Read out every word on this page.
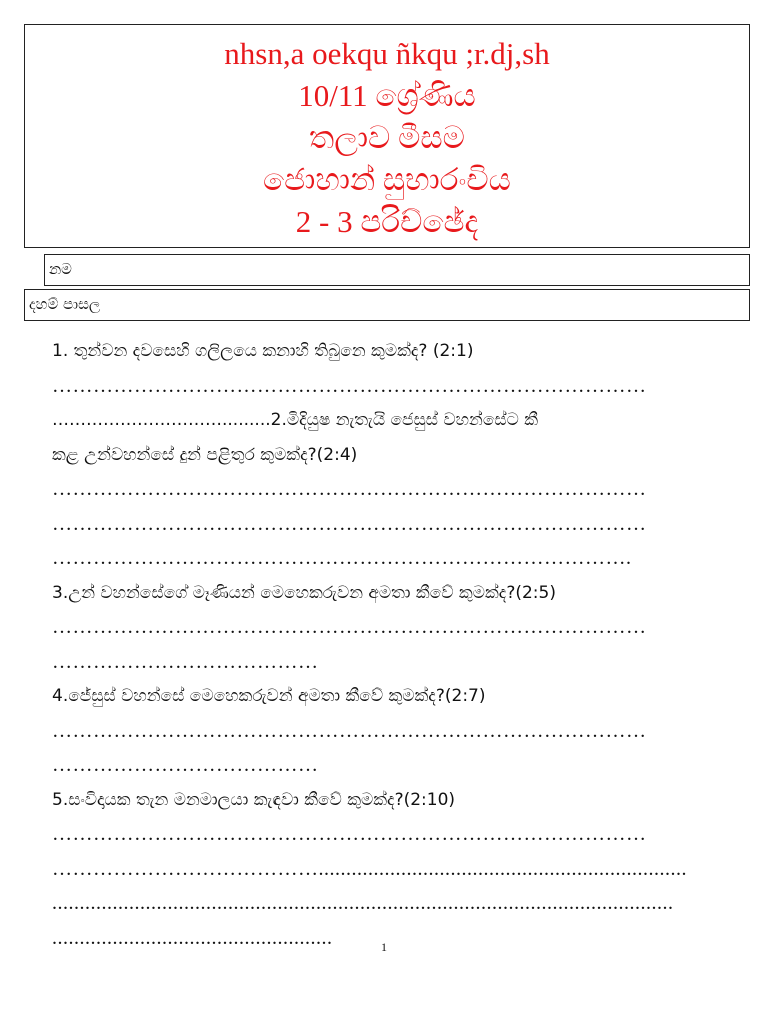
nhsn,a oekqu ñkqu ;r.dj,sh
10/11 ශ්‍රේණිය
තලාව මීසම
ජොහාන් සුභාරංචිය
2 - 3 පරිච්ඡේද
නම
දහම් පාසල
1. තුන්වන දවසෙහි ගලිලයෙ කනාහි තිබුනෙ කුමක්ද? (2:1)
……………………………………………………………………………
………………………….........2.මිදියුෂ නැතැයි ජෙසුස් වහන්සේට කී
කළ උන්වහන්සේ දුන් පළිතුර කුමක්ද?(2:4)
……………………………………………………………………………
……………………………………………………………………………
………………………………………………………………………….
3.උන් වහන්සේගේ මෑණියන් මෙහෙකරුවන අමතා කීවේ කුමක්ද?(2:5)
……………………………………………………………………………
…………………………………
4.ජේසුස් වහන්සේ මෙහෙකරුවන් අමතා කීවේ කුමක්ද?(2:7)
……………………………………………………………………………
…………………………………
5.සංවිදායක තැන මනමාලයා කැඳවා කීවේ කුමක්ද?(2:10)
……………………………………………………………………………
…………………………………...................................................................
.................................................................................................................
...................................................	1
